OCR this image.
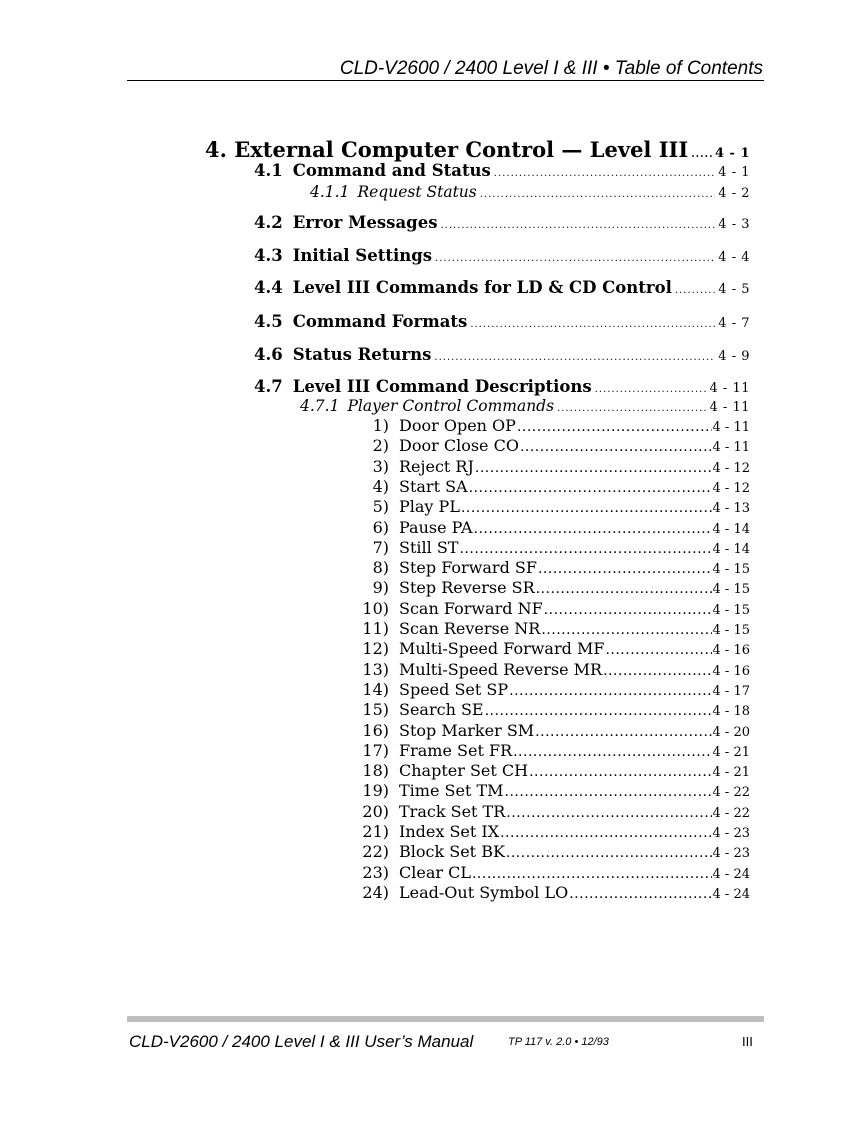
CLD-V2600 / 2400 Level I & III • Table of Contents
4. External Computer Control — Level III ..... 4 - 1
4.1 Command and Status .....	4 - 1
4.1.1 Request Status .....	4 - 2
4.2 Error Messages .....	4 - 3
4.3 Initial Settings .....	4 - 4
4.4 Level III Commands for LD & CD Control .....	4 - 5
4.5 Command Formats .....	4 - 7
4.6 Status Returns .....	4 - 9
4.7 Level III Command Descriptions .....	4 - 11
4.7.1 Player Control Commands .....	4 - 11
1) Door Open OP .....	4 - 11
2) Door Close CO .....	4 - 11
3) Reject RJ .....	4 - 12
4) Start SA .....	4 - 12
5) Play PL .....	4 - 13
6) Pause PA .....	4 - 14
7) Still ST .....	4 - 14
8) Step Forward SF .....	4 - 15
9) Step Reverse SR .....	4 - 15
10) Scan Forward NF .....	4 - 15
11) Scan Reverse NR .....	4 - 15
12) Multi-Speed Forward MF .....	4 - 16
13) Multi-Speed Reverse MR .....	4 - 16
14) Speed Set SP .....	4 - 17
15) Search SE .....	4 - 18
16) Stop Marker SM .....	4 - 20
17) Frame Set FR .....	4 - 21
18) Chapter Set CH .....	4 - 21
19) Time Set TM .....	4 - 22
20) Track Set TR .....	4 - 22
21) Index Set IX .....	4 - 23
22) Block Set BK .....	4 - 23
23) Clear CL .....	4 - 24
24) Lead-Out Symbol LO .....	4 - 24
CLD-V2600 / 2400 Level I & III User’s Manual	TP 117 v. 2.0 • 12/93	III
